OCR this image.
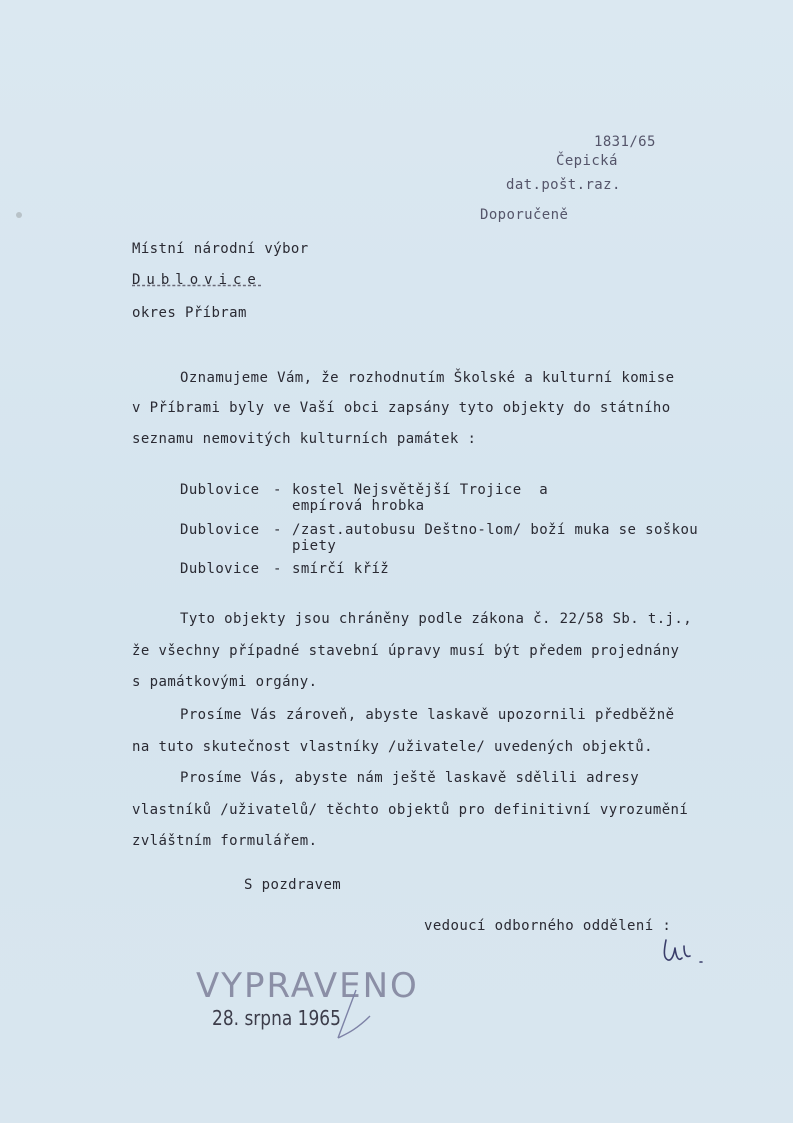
1831/65
Čepická
dat.pošt.raz.
Doporučeně
Místní národní výbor
Dublovice
okres Příbram
Oznamujeme Vám, že rozhodnutím Školské a kulturní komise
v Příbrami byly ve Vaší obci zapsány tyto objekty do státního
seznamu nemovitých kulturních památek :
Dublovice - kostel Nejsvětější Trojice  a
empírová hrobka
Dublovice - /zast.autobusu Deštno-lom/ boží muka se soškou
piety
Dublovice - smírčí kříž
Tyto objekty jsou chráněny podle zákona č. 22/58 Sb. t.j.,
že všechny případné stavební úpravy musí být předem projednány
s památkovými orgány.
Prosíme Vás zároveň, abyste laskavě upozornili předběžně
na tuto skutečnost vlastníky /uživatele/ uvedených objektů.
Prosíme Vás, abyste nám ještě laskavě sdělili adresy
vlastníků /uživatelů/ těchto objektů pro definitivní vyrozumění
zvláštním formulářem.
S pozdravem
vedoucí odborného oddělení :
VYPRAVENO
28. srpna 1965
